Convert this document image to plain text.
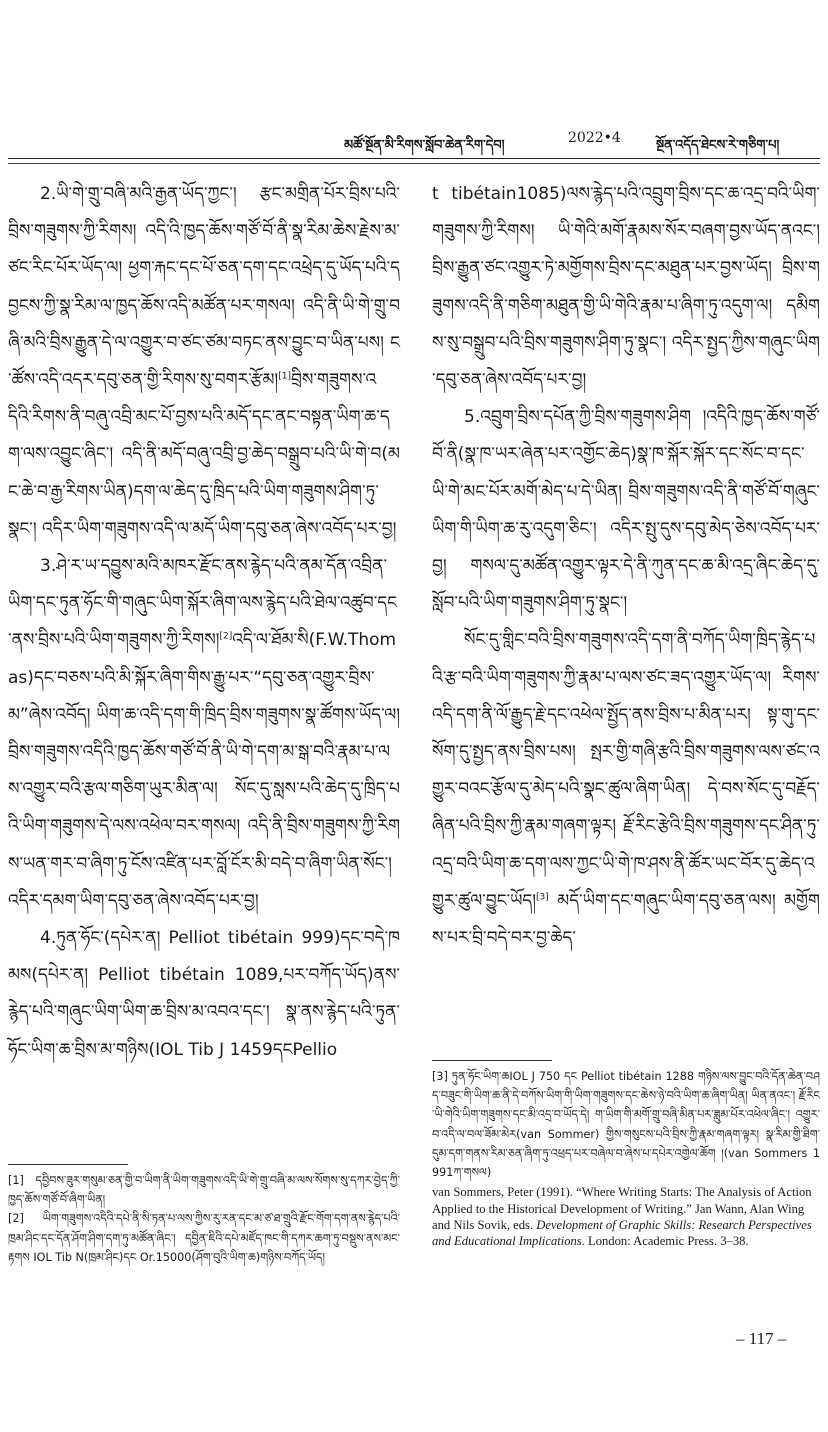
མཚོ་སྔོན་མི་རིགས་སློབ་ཆེན་རིག་དེབ།	2022•4	སྔོན་འདོད་ཐེངས་རེ་གཅིག་པ།

2.ཡི་གེ་གྲུ་བཞི་མའི་རྒྱན་ཡོད་ཀྱང་། རྩང་མགྲིན་པོར་བྲིས་པའི་བྲིས་གཟུགས་ཀྱི་རིགས། འདི་འི་ཁྱད་ཆོས་གཙོ་བོ་ནི་སྣ་རིམ་ཆེས་རྗེས་མ་ཙང་རིང་པོར་ཡོད་ལ། ཕྱག་རྐང་དང་པོ་ཅན་དག་དང་འཕྲེད་དུ་ཡོད་པའི་དབྱངས་ཀྱི་སྣ་རིམ་ལ་ཁྱད་ཆོས་འདི་མཚོན་པར་གསལ། འདི་ནི་ཡི་གེ་གྲུ་བཞི་མའི་བྲིས་རྒྱུན་དེ་ལ་འགྱུར་བ་ཙང་ཙམ་བཏང་ནས་བྱུང་བ་ཡིན་པས། ང་ཚོས་འདི་འདར་དབུ་ཅན་གྱི་རིགས་སུ་བགར་རྩོམ།[1]བྲིས་གཟུགས་འདིའི་རིགས་ནི་བཞུ་འབྲི་མང་པོ་བྱས་པའི་མདོ་དང་ནང་བསྟན་ཡིག་ཆ་དག་ལས་འབྱུང་ཞིང་། འདི་ནི་མདོ་བཞུ་འབྲི་བྱ་ཆེད་བསྒྲུབ་པའི་ཡི་གེ་བ(མང་ཆེ་བ་རྒྱ་རིགས་ཡིན)དག་ལ་ཆེད་དུ་ཁྲིད་པའི་ཡིག་གཟུགས་ཤིག་ཏུ་སྣང་། འདིར་ཡིག་གཟུགས་འདི་ལ་མདོ་ཡིག་དབུ་ཅན་ཞེས་འབོད་པར་བྱ།

3.ཤེ་ར་ཡ་དབྱུས་མའི་མཁར་རྫོང་ནས་རྙེད་པའི་ནམ་དོན་འབྲིན་ཡིག་དང་ཏུན་ཧོང་གི་གཞུང་ཡིག་སྐོར་ཞིག་ལས་རྙེད་པའི་ཐེལ་འཚུབ་དང་ནས་བྲིས་པའི་ཡིག་གཟུགས་ཀྱི་རིགས།[2]འདི་ལ་ཐོམ་སི(F.W.Thomas)དང་བཅས་པའི་མི་སྐོར་ཞིག་གིས་རྒྱུ་པར་“དབུ་ཅན་འགྱུར་བྲིས་མ”ཞེས་འབོད། ཡིག་ཆ་འདི་དག་གི་ཁྲིད་བྲིས་གཟུགས་སྣ་ཚོགས་ཡོད་ལ། བྲིས་གཟུགས་འདིའི་ཁྱད་ཆོས་གཙོ་བོ་ནི་ཡི་གེ་དག་མ་སྒ་བའི་རྣམ་པ་ལས་འགྱུར་བའི་རྩལ་གཅིག་ཡུར་མིན་ལ། སོང་དུ་སླས་པའི་ཆེད་དུ་ཁྲིད་པའི་ཡིག་གཟུགས་དེ་ལས་འཕེལ་བར་གསལ། འདི་ནི་བྲིས་གཟུགས་ཀྱི་རིགས་ཡན་གར་བ་ཞིག་ཏུ་ངོས་འཛིན་པར་བློ་ངོར་མི་བདེ་བ་ཞིག་ཡིན་སོང་། འདིར་དམག་ཡིག་དབུ་ཅན་ཞེས་འབོད་པར་བྱ།

4.ཏུན་ཧོང་(དཔེར་ན། Pelliot tibétain 999)དང་བདེ་ཁམས(དཔེར་ན། Pelliot tibétain 1089,པར་བཀོད་ཡོད)ནས་རྙེད་པའི་གཞུང་ཡིག་ཡིག་ཆ་བྲིས་མ་འབའ་དང་། སྣ་ནས་རྙེད་པའི་ཏུན་ཧོང་ཡིག་ཆ་བྲིས་མ་གཉིས(IOL Tib J 1459དངPellio

t tibétain1085)ལས་རྙེད་པའི་འབྲུག་བྲིས་དང་ཆ་འདྲ་བའི་ཡིག་གཟུགས་ཀྱི་རིགས། ཡི་གེའི་མགོ་རྣམས་སོར་བཞག་བྱས་ཡོད་ནའང་། བྲིས་རྒྱུན་ཙང་འགྱུར་ཏེ་མགྱོགས་བྲིས་དང་མཐུན་པར་བྱས་ཡོད། བྲིས་གཟུགས་འདི་ནི་གཅིག་མཐུན་གྱི་ཡི་གེའི་རྣམ་པ་ཞིག་ཏུ་འདུག་ལ། དམིགས་སུ་བསྒྲུབ་པའི་བྲིས་གཟུགས་ཤིག་ཏུ་སྣང་། འདིར་སྤྱད་ཀྱིས་གཞུང་ཡིག་དབུ་ཅན་ཞེས་འབོད་པར་བྱ།

5.འབྲུག་བྲིས་དཔོན་ཀྱི་བྲིས་གཟུགས་ཤིག །འདིའི་ཁྱད་ཆོས་གཙོ་བོ་ནི(སྣ་ཁ་ཡར་ཞེན་པར་འགྱོང་ཆེད)སྣ་ཁ་སྐོར་སྐོར་དང་སོང་བ་དང་ཡི་གེ་མང་པོར་མགོ་མེད་པ་དེ་ཡིན། བྲིས་གཟུགས་འདི་ནི་གཙོ་བོ་གཞུང་ཡིག་གི་ཡིག་ཆ་རུ་འདུག་ཅིང་། འདིར་སྤུ་དུས་དབུ་མེད་ཅེས་འབོད་པར་བྱ། གསལ་དུ་མཚོན་འགྱུར་ལྟར་དེ་ནི་ཀུན་དང་ཆ་མི་འདྲ་ཞིང་ཆེད་དུ་སློབ་པའི་ཡིག་གཟུགས་ཤིག་ཏུ་སྣང་།

སོང་དུ་གླིང་བའི་བྲིས་གཟུགས་འདི་དག་ནི་བཀོད་ཡིག་ཁྲིད་རྙེད་པའི་རྩ་བའི་ཡིག་གཟུགས་ཀྱི་རྣམ་པ་ལས་ཙང་ཟད་འགྱུར་ཡོད་ལ། རིགས་འདི་དག་ནི་ལོ་རྒྱུད་རྗེ་དང་འཕེལ་སྤྱོད་ནས་བྲིས་པ་མིན་པར། སྟ་གུ་དང་སོག་དུ་སྤྱད་ནས་བྲིས་པས། སྤར་གྱི་གཞི་རྩའི་བྲིས་གཟུགས་ལས་ཙང་འགྱུར་བའང་རྩོལ་དུ་མེད་པའི་སྣང་ཚུལ་ཞིག་ཡིན། དེ་བས་སོང་དུ་བརྗོད་ཞིན་པའི་བྲིས་ཀྱི་རྣམ་གཞག་ལྟར། རྗོ་རིང་རྩེའི་བྲིས་གཟུགས་དང་ཤིན་ཏུ་འདྲ་བའི་ཡིག་ཆ་དག་ལས་ཀྱང་ཡི་གེ་ཁ་ཤས་ནི་ཚོར་ཡང་བོར་དུ་ཆེད་འགྱུར་ཚུལ་བྱུང་ཡོད།[3] མདོ་ཡིག་དང་གཞུང་ཡིག་དབུ་ཅན་ལས། མགྱོགས་པར་བྲི་བདེ་བར་བྱ་ཆེད་

[1] དབྱིབས་ཟུར་གསུམ་ཅན་གྱི་བ་ཡིག་ནི་ཡིག་གཟུགས་འདི་ཡི་གེ་གྲུ་བཞི་མ་ལས་སོགས་སུ་དཀར་བྱེད་ཀྱི་ཁྱད་ཆོས་གཙོ་བོ་ཞིག་ཡིན།

[2] ཡིག་གཟུགས་འདིའི་དཔེ་ནི་སི་ཏན་པ་ལས་ཀྱིས་རུ་རན་དང་མ་ཙ་ཐ་གྲུའི་རྫོང་གོག་དག་ནས་རྙེད་པའི་ཁྲམ་ཤིང་དང་དོན་ཤོག་ཤིག་དག་ཏུ་མཚོན་ཞིང་། དབྱིན་ཇིའི་དཔེ་མཛོད་ཁང་གི་དཀར་ཆག་ཏུ་བསྡུས་ནས་མང་རྟགས IOL Tib N(ཁྲམ་ཤིང)དང Or.15000(ཤོག་བུའི་ཡིག་ཆ)གཉིས་བཀོད་ཡོད།

[3] ཏུན་ཧོང་ཡིག་ཆIOL J 750 དང Pelliot tibétain 1288 གཉིས་ལས་བྱུང་བའི་དོན་ཆེན་བཤད་བཟུང་གི་ཡིག་ཆ་ནི་དེ་བཀོས་ཡིག་གི་ཡིག་གཟུགས་དང་ཆེས་ཉེ་བའི་ཡིག་ཆ་ཞིག་ཡིན། ཡིན་ནའང་། རྗོ་རིང་ཡི་གེའི་ཡིག་གཟུགས་དང་མི་འདྲ་བ་ཡོད་དེ། ག་ཡིག་གི་མགོ་གྲུ་བཞི་མིན་པར་ཟླུམ་པོར་འཕེལ་ཞིང་། འགྱུར་བ་འདི་ལ་བལ་ཟོམ་མེར(van Sommer) གྱིས་གསུངས་པའི་བྲིས་ཀྱི་རྣམ་གཞག་ལྟར། སྣ་རིམ་གྱི་ཐིག་དུམ་དག་གནས་རིམ་ཅན་ཞིག་ཏུ་འཕྲད་པར་བཞེལ་བ་ཞེས་པ་དཔེར་འགྱེལ་ཆོག །(van Sommers 1991ཀ་གསལ)

van Sommers, Peter (1991). “Where Writing Starts: The Analysis of Action Applied to the Historical Development of Writing.” Jan Wann, Alan Wing and Nils Sovik, eds. Development of Graphic Skills: Research Perspectives and Educational Implications. London: Academic Press. 3–38.

– 117 –
